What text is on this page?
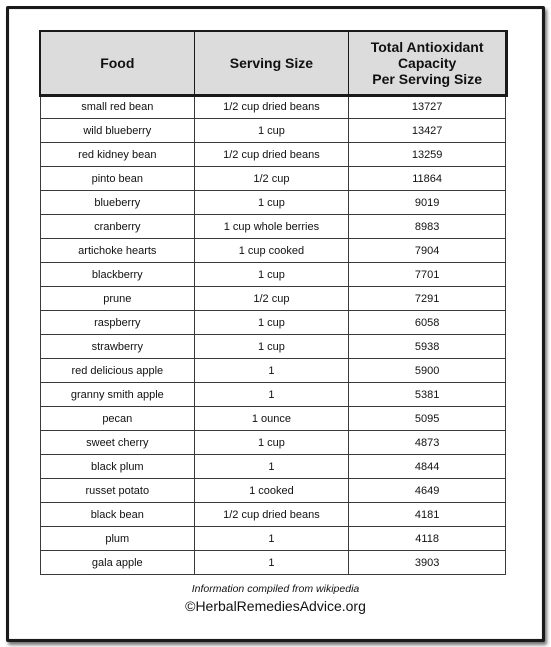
Food	Serving Size	Total Antioxidant
Capacity
Per Serving Size
small red bean	1/2 cup dried beans	13727
wild blueberry	1 cup	13427
red kidney bean	1/2 cup dried beans	13259
pinto bean	1/2 cup	11864
blueberry	1 cup	9019
cranberry	1 cup whole berries	8983
artichoke hearts	1 cup cooked	7904
blackberry	1 cup	7701
prune	1/2 cup	7291
raspberry	1 cup	6058
strawberry	1 cup	5938
red delicious apple	1	5900
granny smith apple	1	5381
pecan	1 ounce	5095
sweet cherry	1 cup	4873
black plum	1	4844
russet potato	1 cooked	4649
black bean	1/2 cup dried beans	4181
plum	1	4118
gala apple	1	3903
Information compiled from wikipedia
©HerbalRemediesAdvice.org
